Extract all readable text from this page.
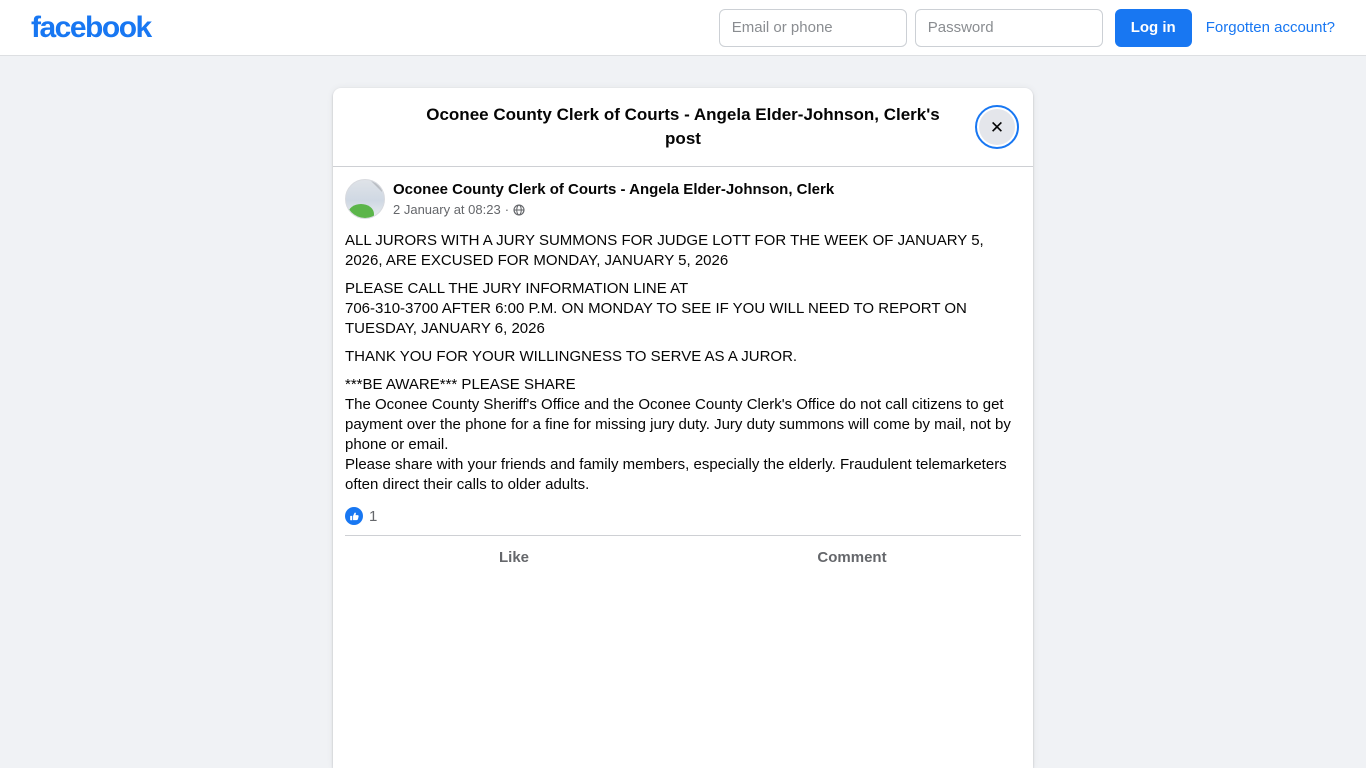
facebook
Email or phone	Log in	Forgotten account?
Oconee County Clerk of Courts - Angela Elder-Johnson, Clerk's post
✕
Oconee County Clerk of Courts - Angela Elder-Johnson, Clerk
2 January at 08:23 ·

ALL JURORS WITH A JURY SUMMONS FOR JUDGE LOTT FOR THE WEEK OF JANUARY 5, 2026, ARE EXCUSED FOR MONDAY, JANUARY 5, 2026

PLEASE CALL THE JURY INFORMATION LINE AT
706-310-3700 AFTER 6:00 P.M. ON MONDAY TO SEE IF YOU WILL NEED TO REPORT ON TUESDAY, JANUARY 6, 2026

THANK YOU FOR YOUR WILLINGNESS TO SERVE AS A JUROR.

***BE AWARE*** PLEASE SHARE
The Oconee County Sheriff's Office and the Oconee County Clerk's Office do not call citizens to get payment over the phone for a fine for missing jury duty. Jury duty summons will come by mail, not by phone or email.
Please share with your friends and family members, especially the elderly. Fraudulent telemarketers often direct their calls to older adults.

1
Like	Comment
